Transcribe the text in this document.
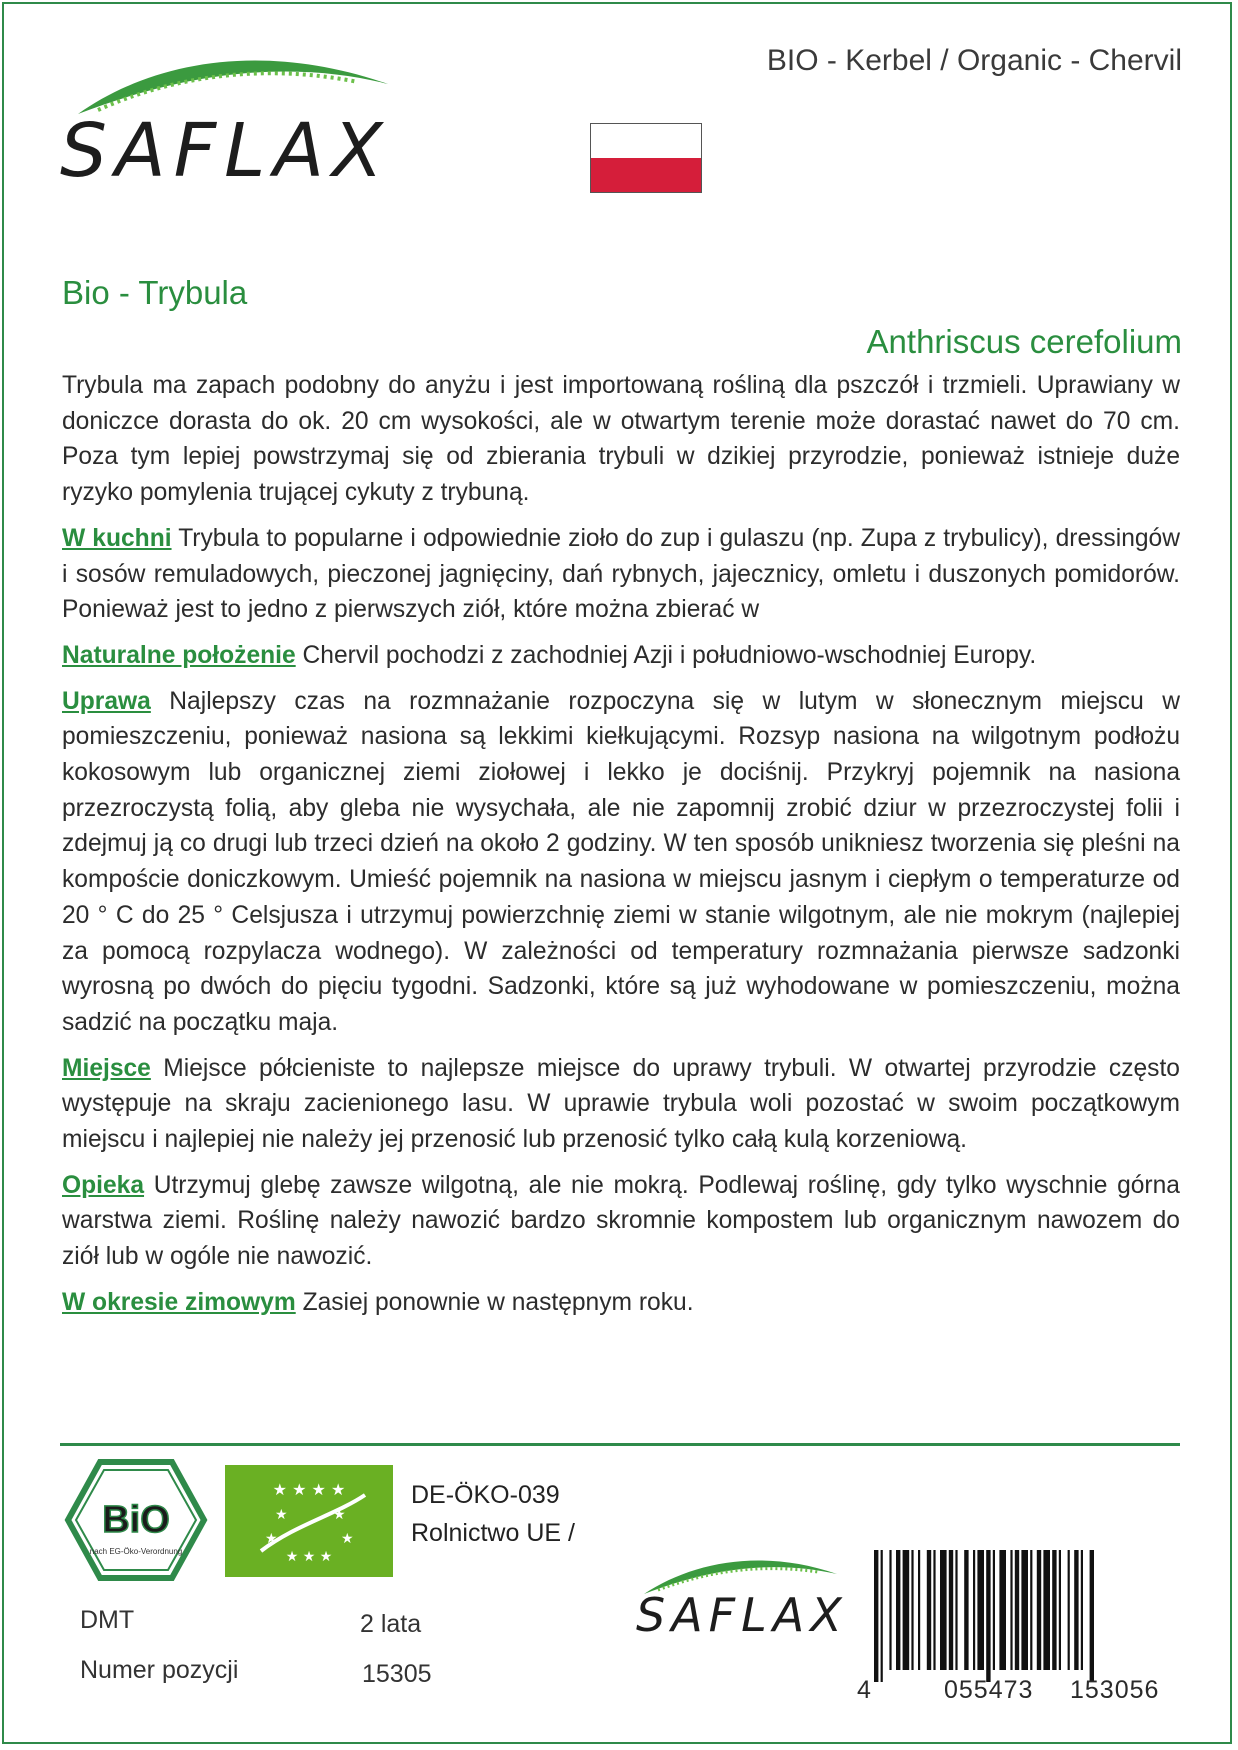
SAFLAX
BIO - Kerbel / Organic - Chervil
Bio - Trybula
Anthriscus cerefolium

Trybula ma zapach podobny do anyżu i jest importowaną rośliną dla pszczół i trzmieli. Uprawiany w doniczce dorasta do ok. 20 cm wysokości, ale w otwartym terenie może dorastać nawet do 70 cm. Poza tym lepiej powstrzymaj się od zbierania trybuli w dzikiej przyrodzie, ponieważ istnieje duże ryzyko pomylenia trującej cykuty z trybuną.

W kuchni Trybula to popularne i odpowiednie zioło do zup i gulaszu (np. Zupa z trybulicy), dressingów i sosów remuladowych, pieczonej jagnięciny, dań rybnych, jajecznicy, omletu i duszonych pomidorów. Ponieważ jest to jedno z pierwszych ziół, które można zbierać w

Naturalne położenie Chervil pochodzi z zachodniej Azji i południowo-wschodniej Europy.

Uprawa Najlepszy czas na rozmnażanie rozpoczyna się w lutym w słonecznym miejscu w pomieszczeniu, ponieważ nasiona są lekkimi kiełkującymi. Rozsyp nasiona na wilgotnym podłożu kokosowym lub organicznej ziemi ziołowej i lekko je dociśnij. Przykryj pojemnik na nasiona przezroczystą folią, aby gleba nie wysychała, ale nie zapomnij zrobić dziur w przezroczystej folii i zdejmuj ją co drugi lub trzeci dzień na około 2 godziny. W ten sposób unikniesz tworzenia się pleśni na kompoście doniczkowym. Umieść pojemnik na nasiona w miejscu jasnym i ciepłym o temperaturze od 20 ° C do 25 ° Celsjusza i utrzymuj powierzchnię ziemi w stanie wilgotnym, ale nie mokrym (najlepiej za pomocą rozpylacza wodnego). W zależności od temperatury rozmnażania pierwsze sadzonki wyrosną po dwóch do pięciu tygodni. Sadzonki, które są już wyhodowane w pomieszczeniu, można sadzić na początku maja.

Miejsce Miejsce półcieniste to najlepsze miejsce do uprawy trybuli. W otwartej przyrodzie często występuje na skraju zacienionego lasu. W uprawie trybula woli pozostać w swoim początkowym miejscu i najlepiej nie należy jej przenosić lub przenosić tylko całą kulą korzeniową.

Opieka Utrzymuj glebę zawsze wilgotną, ale nie mokrą. Podlewaj roślinę, gdy tylko wyschnie górna warstwa ziemi. Roślinę należy nawozić bardzo skromnie kompostem lub organicznym nawozem do ziół lub w ogóle nie nawozić.

W okresie zimowym Zasiej ponownie w następnym roku.

BiO
nach EG-Öko-Verordnung
★ ★ ★ ★
★	★
★	★
★ ★ ★
DE-ÖKO-039
Rolnictwo UE /
DMT	2 lata
Numer pozycji	15305
SAFLAX
4	055473 153056
